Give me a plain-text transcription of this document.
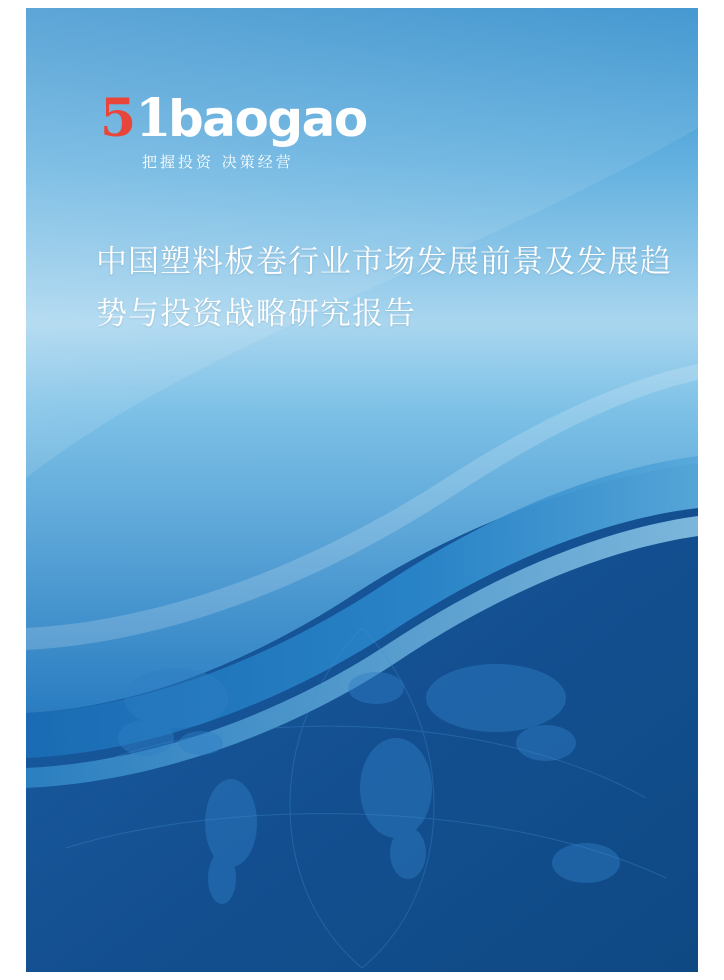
51
baogao
把握投资 决策经营
中国塑料板卷行业市场发展前景及发展趋势与投资战略研究报告
